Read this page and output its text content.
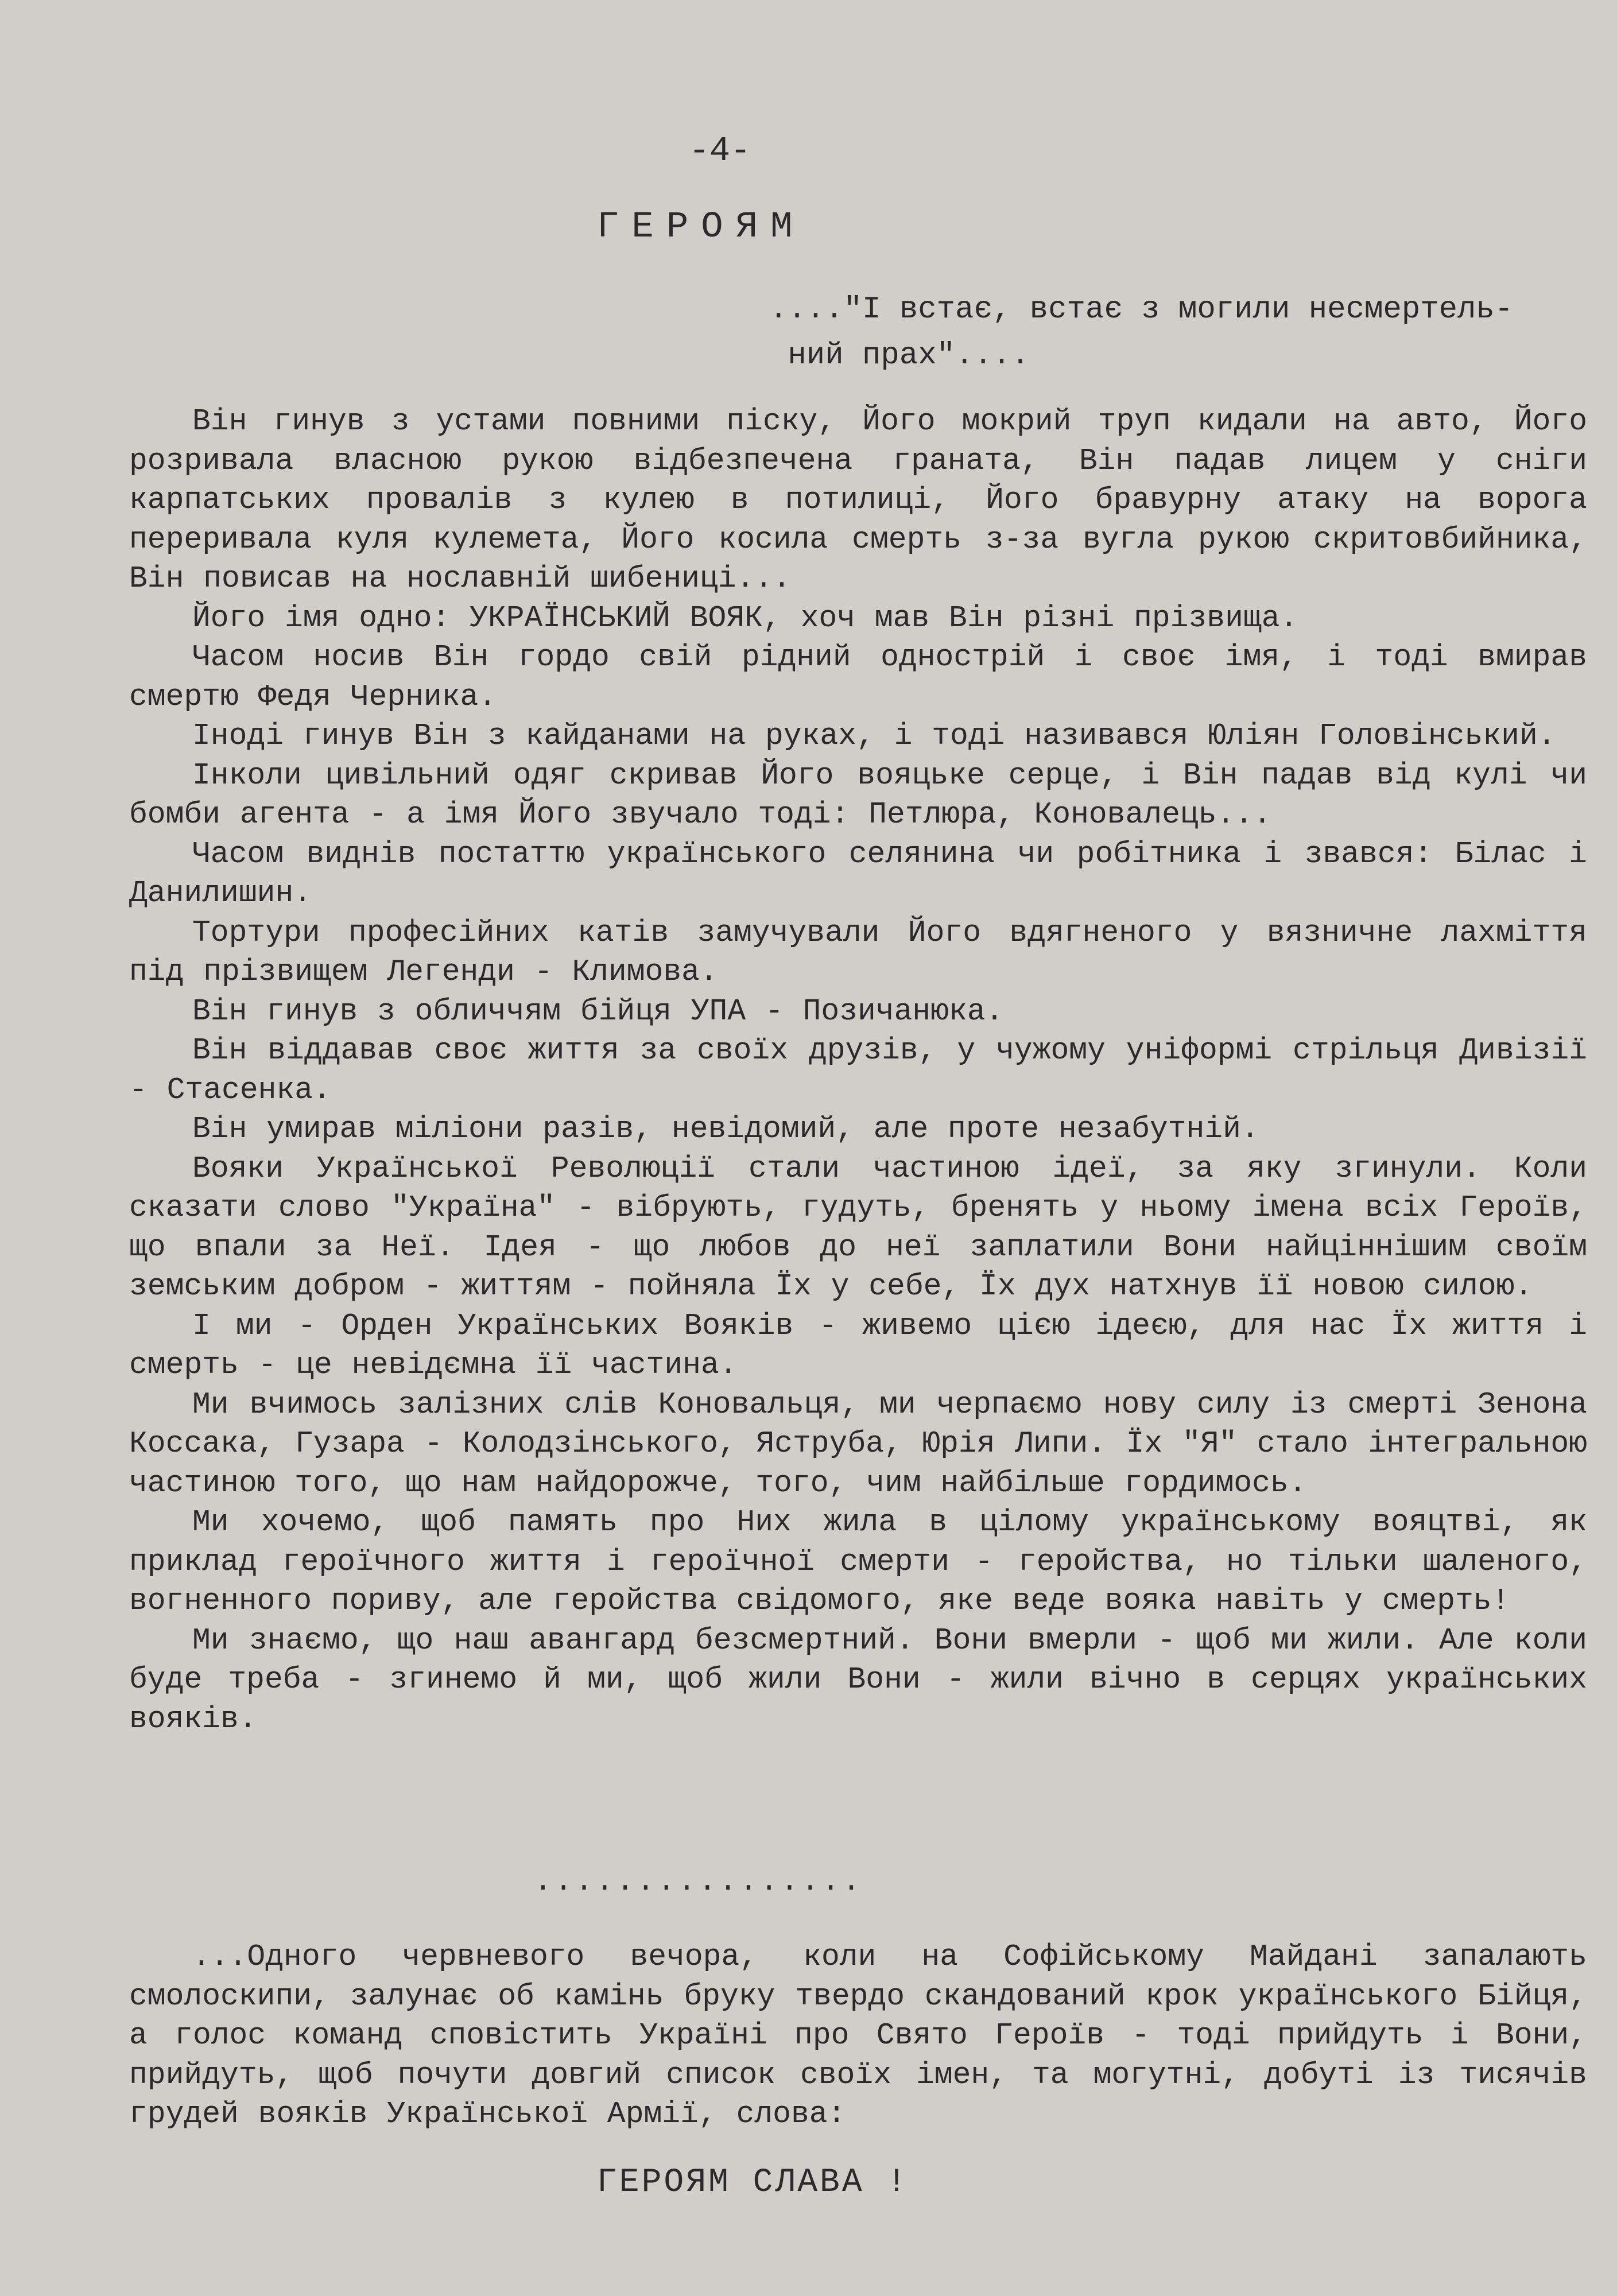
-4-
ГЕРОЯМ
...."І встає, встає з могили несмертель-
ний прах"....

Він гинув з устами повними піску, Його мокрий труп кидали на авто, Його розривала власною рукою відбезпечена граната, Він падав лицем у сніги карпатських провалів з кулею в потилиці, Його бравурну атаку на ворога переривала куля кулемета, Його косила смерть з-за вугла рукою скритовбийника, Він повисав на нославній шибениці...

Його імя одно: УКРАЇНСЬКИЙ ВОЯК, хоч мав Він різні прізвища.

Часом носив Він гордо свій рідний однострій і своє імя, і тоді вмирав смертю Федя Черника.

Іноді гинув Він з кайданами на руках, і тоді називався Юліян Головінський.

Інколи цивільний одяг скривав Його вояцьке серце, і Він падав від кулі чи бомби агента - а імя Його звучало тоді: Петлюра, Коновалець...

Часом виднів постаттю українського селянина чи робітника і звався: Білас і Данилишин.

Тортури професійних катів замучували Його вдягненого у вязничне лахміття під прізвищем Легенди - Климова.

Він гинув з обличчям бійця УПА - Позичанюка.

Він віддавав своє життя за своїх друзів, у чужому уніформі стрільця Дивізії - Стасенка.

Він умирав міліони разів, невідомий, але проте незабутній.

Вояки Української Революції стали частиною ідеї, за яку згинули. Коли сказати слово "Україна" - вібрують, гудуть, бренять у ньому імена всіх Героїв, що впали за Неї. Ідея - що любов до неї заплатили Вони найціннішим своїм земським добром - життям - пойняла Їх у себе, Їх дух натхнув її новою силою.

І ми - Орден Українських Вояків - живемо цією ідеєю, для нас Їх життя і смерть - це невідємна її частина.

Ми вчимось залізних слів Коновальця, ми черпаємо нову силу із смерті Зенона Коссака, Гузара - Колодзінського, Яструба, Юрія Липи. Їх "Я" стало інтегральною частиною того, що нам найдорожче, того, чим найбільше гордимось.

Ми хочемо, щоб память про Них жила в цілому українському вояцтві, як приклад героїчного життя і героїчної смерти - геройства, но тільки шаленого, вогненного пориву, але геройства свідомого, яке веде вояка навіть у смерть!

Ми знаємо, що наш авангард безсмертний. Вони вмерли - щоб ми жили. Але коли буде треба - згинемо й ми, щоб жили Вони - жили вічно в серцях українських вояків.

................

...Одного червневого вечора, коли на Софійському Майдані запалають смолоскипи, залунає об камінь бруку твердо скандований крок українського Бійця, а голос команд сповістить Україні про Свято Героїв - тоді прийдуть і Вони, прийдуть, щоб почути довгий список своїх імен, та могутні, добуті із тисячів грудей вояків Української Армії, слова:

ГЕРОЯМ СЛАВА !
